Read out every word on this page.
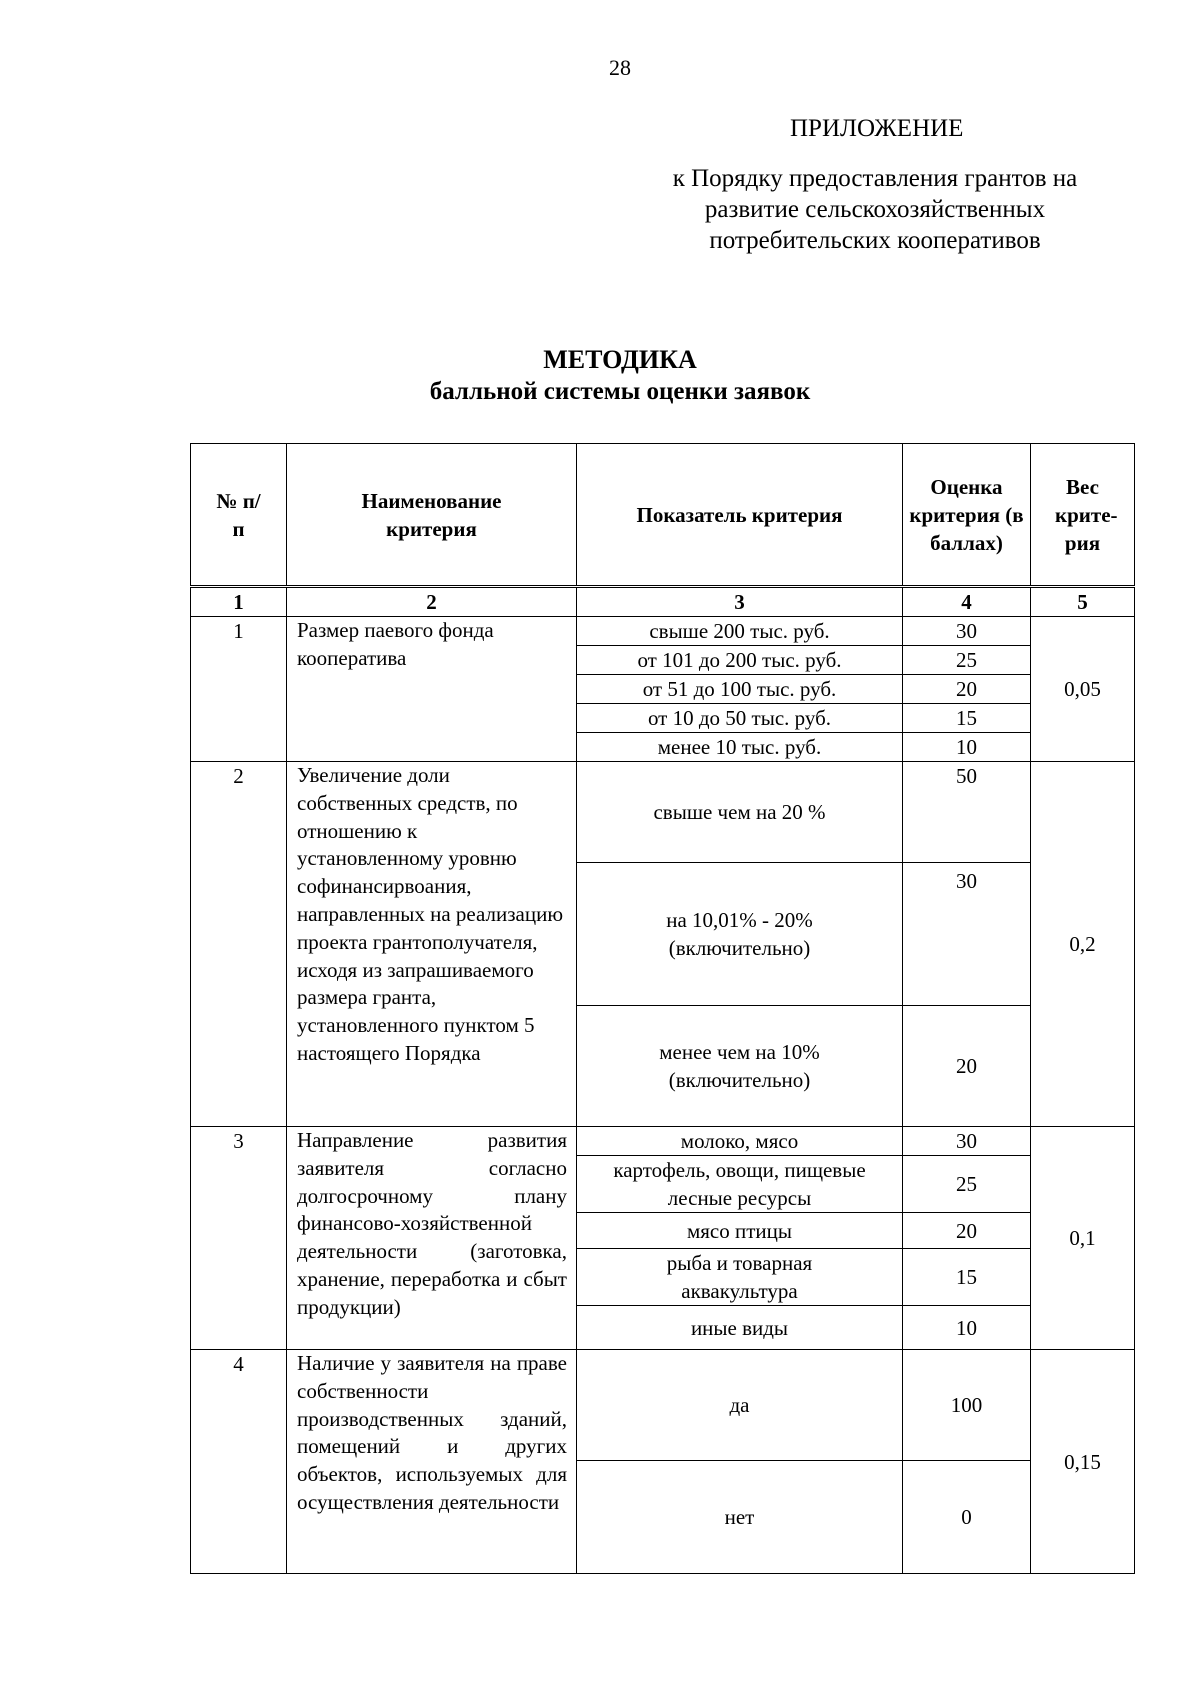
28
ПРИЛОЖЕНИЕ
к Порядку предоставления грантов на развитие сельскохозяйственных потребительских кооперативов
МЕТОДИКА
балльной системы оценки заявок
№ п/п	Наименование критерия	Показатель критерия	Оценка критерия (в баллах)	Вес крите-рия
1	2	3	4	5
1	Размер паевого фонда кооператива	свыше 200 тыс. руб.	30	0,05
		от 101 до 200 тыс. руб.	25	
		от 51 до 100 тыс. руб.	20	
		от 10 до 50 тыс. руб.	15	
		менее 10 тыс. руб.	10	
2	Увеличение доли собственных средств, по отношению к установленному уровню софинансирвоания, направленных на реализацию проекта грантополучателя, исходя из запрашиваемого размера гранта, установленного пунктом 5 настоящего Порядка	свыше чем на 20 %	50	0,2
		на 10,01% - 20% (включительно)	30	
		менее чем на 10% (включительно)	20	
3	Направление развития заявителя согласно долгосрочному плану финансово-хозяйственной деятельности (заготовка, хранение, переработка и сбыт продукции)	молоко, мясо	30	0,1
		картофель, овощи, пищевые лесные ресурсы	25	
		мясо птицы	20	
		рыба и товарная аквакультура	15	
		иные виды	10	
4	Наличие у заявителя на праве собственности производственных зданий, помещений и других объектов, используемых для осуществления деятельности	да	100	0,15
		нет	0	
